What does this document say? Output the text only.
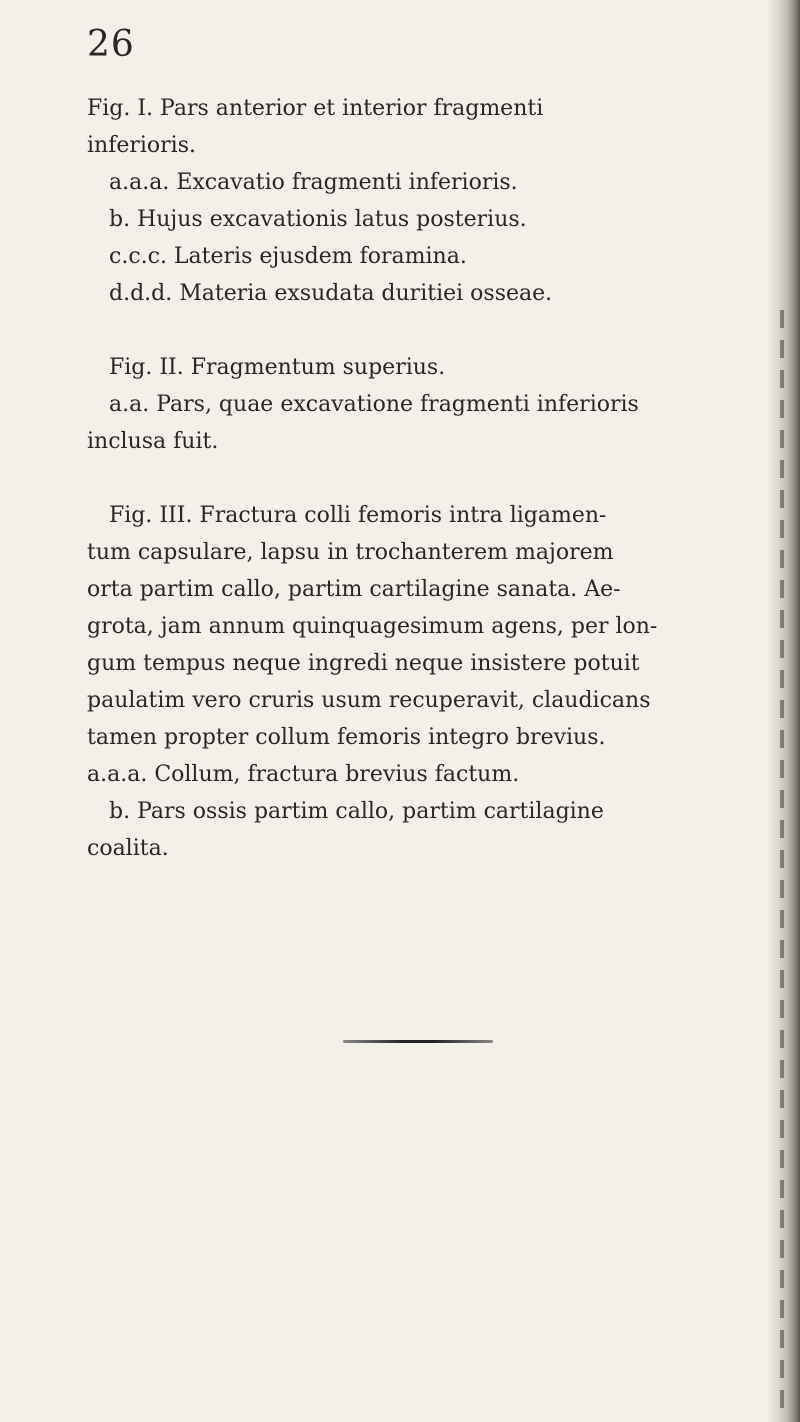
26
Fig. I. Pars anterior et interior fragmenti
inferioris.
a.a.a. Excavatio fragmenti inferioris.
b. Hujus excavationis latus posterius.
c.c.c. Lateris ejusdem foramina.
d.d.d. Materia exsudata duritiei osseae.
Fig. II. Fragmentum superius.
a.a. Pars, quae excavatione fragmenti inferioris
inclusa fuit.
Fig. III. Fractura colli femoris intra ligamen-
tum capsulare, lapsu in trochanterem majorem
orta partim callo, partim cartilagine sanata. Ae-
grota, jam annum quinquagesimum agens, per lon-
gum tempus neque ingredi neque insistere potuit
paulatim vero cruris usum recuperavit, claudicans
tamen propter collum femoris integro brevius.
a.a.a. Collum, fractura brevius factum.
b. Pars ossis partim callo, partim cartilagine
coalita.
